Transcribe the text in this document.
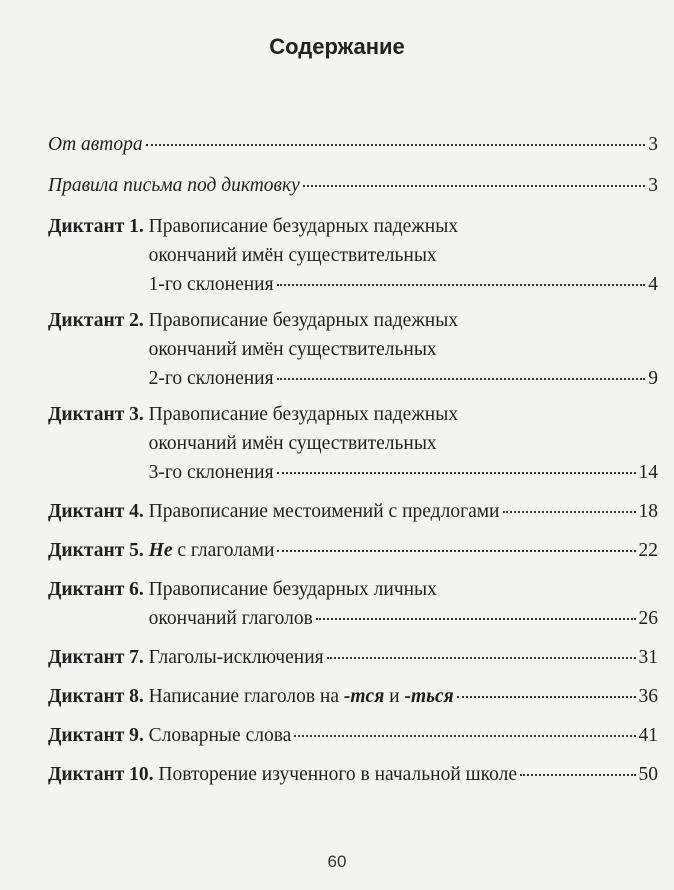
Содержание
От автора	3
Правила письма под диктовку	3
Диктант 1.
Правописание безударных падежных
окончаний имён существительных
1-го склонения	4
Диктант 2.
Правописание безударных падежных
окончаний имён существительных
2-го склонения	9
Диктант 3.
Правописание безударных падежных
окончаний имён существительных
3-го склонения	14
Диктант 4.
Правописание местоимений с предлогами	18
Диктант 5.
Не с глаголами	22
Диктант 6.
Правописание безударных личных
окончаний глаголов	26
Диктант 7.
Глаголы-исключения	31
Диктант 8.
Написание глаголов на -тся и -ться	36
Диктант 9.
Словарные слова	41
Диктант 10.
Повторение изученного в начальной школе	50
60
